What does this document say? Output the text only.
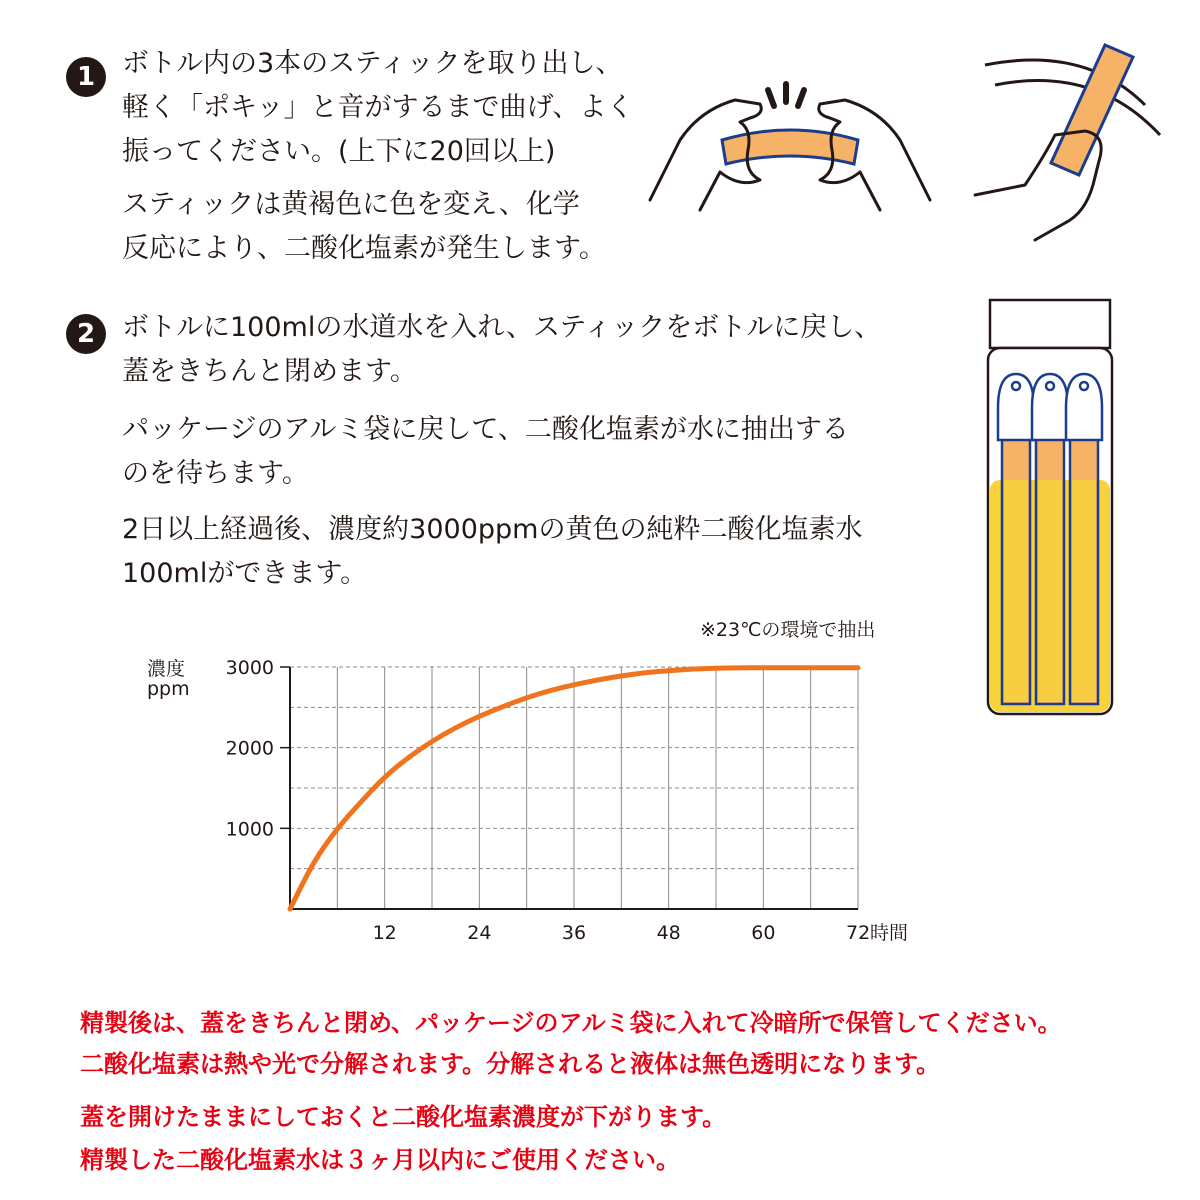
1 ボトル内の3本のスティックを取り出し、
軽く「ポキッ」と音がするまで曲げ、よく
振ってください。(上下に20回以上)
スティックは黄褐色に色を変え、化学
反応により、二酸化塩素が発生します。
2 ボトルに100mlの水道水を入れ、スティックをボトルに戻し、
蓋をきちんと閉めます。
パッケージのアルミ袋に戻して、二酸化塩素が水に抽出する
のを待ちます。
2日以上経過後、濃度約3000ppmの黄色の純粋二酸化塩素水
100mlができます。
※23℃の環境で抽出
濃度
ppm
1000
2000
3000
12	24	36	48	60	72 時間
精製後は、蓋をきちんと閉め、パッケージのアルミ袋に入れて冷暗所で保管してください。
二酸化塩素は熱や光で分解されます。分解されると液体は無色透明になります。
蓋を開けたままにしておくと二酸化塩素濃度が下がります。
精製した二酸化塩素水は３ヶ月以内にご使用ください。
